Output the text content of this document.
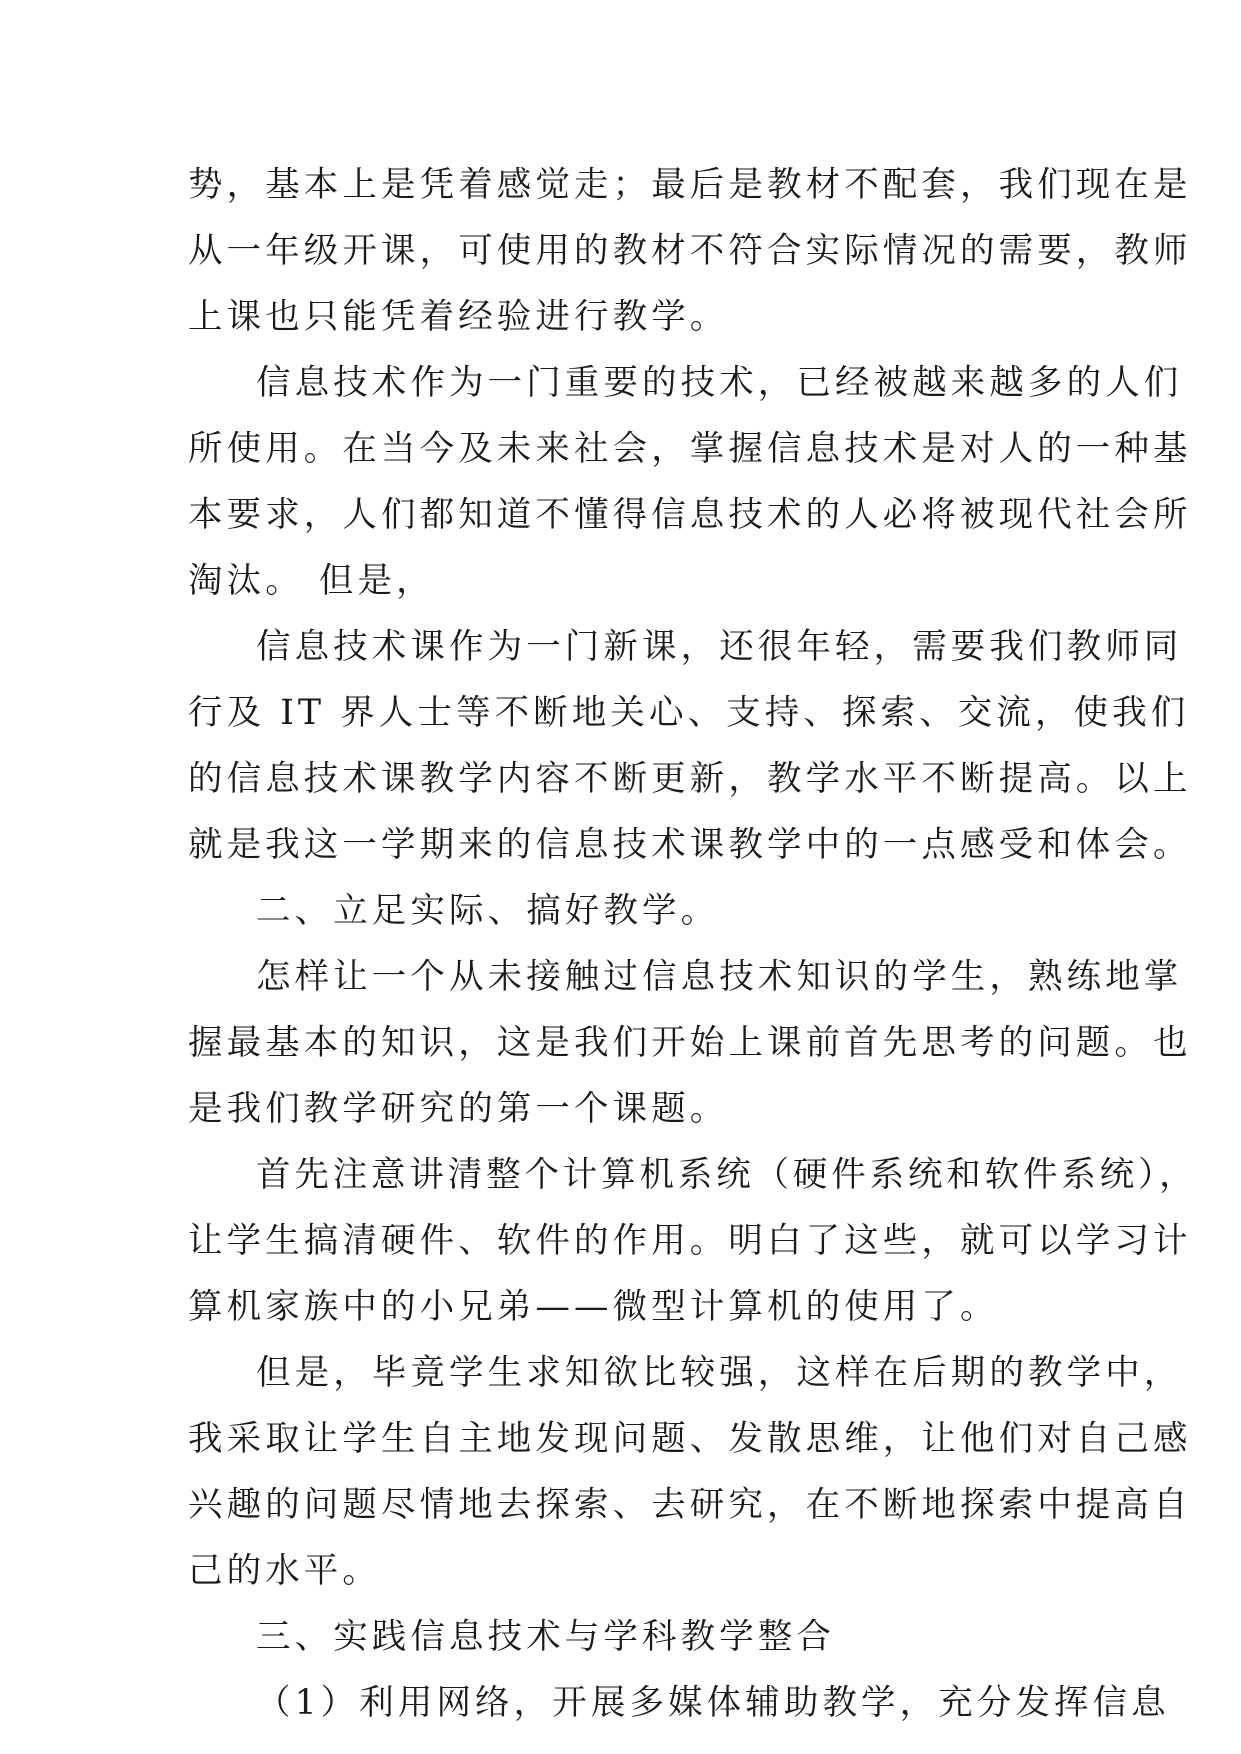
势，基本上是凭着感觉走；最后是教材不配套，我们现在是
从一年级开课，可使用的教材不符合实际情况的需要，教师
上课也只能凭着经验进行教学。
信息技术作为一门重要的技术，已经被越来越多的人们
所使用。在当今及未来社会，掌握信息技术是对人的一种基
本要求，人们都知道不懂得信息技术的人必将被现代社会所
淘汰。 但是，
信息技术课作为一门新课，还很年轻，需要我们教师同
行及 IT 界人士等不断地关心、支持、探索、交流，使我们
的信息技术课教学内容不断更新，教学水平不断提高。以上
就是我这一学期来的信息技术课教学中的一点感受和体会。
二、立足实际、搞好教学。
怎样让一个从未接触过信息技术知识的学生，熟练地掌
握最基本的知识，这是我们开始上课前首先思考的问题。也
是我们教学研究的第一个课题。
首先注意讲清整个计算机系统（硬件系统和软件系统），
让学生搞清硬件、软件的作用。明白了这些，就可以学习计
算机家族中的小兄弟——微型计算机的使用了。
但是，毕竟学生求知欲比较强，这样在后期的教学中，
我采取让学生自主地发现问题、发散思维，让他们对自己感
兴趣的问题尽情地去探索、去研究，在不断地探索中提高自
己的水平。
三、实践信息技术与学科教学整合
（1）利用网络，开展多媒体辅助教学，充分发挥信息
